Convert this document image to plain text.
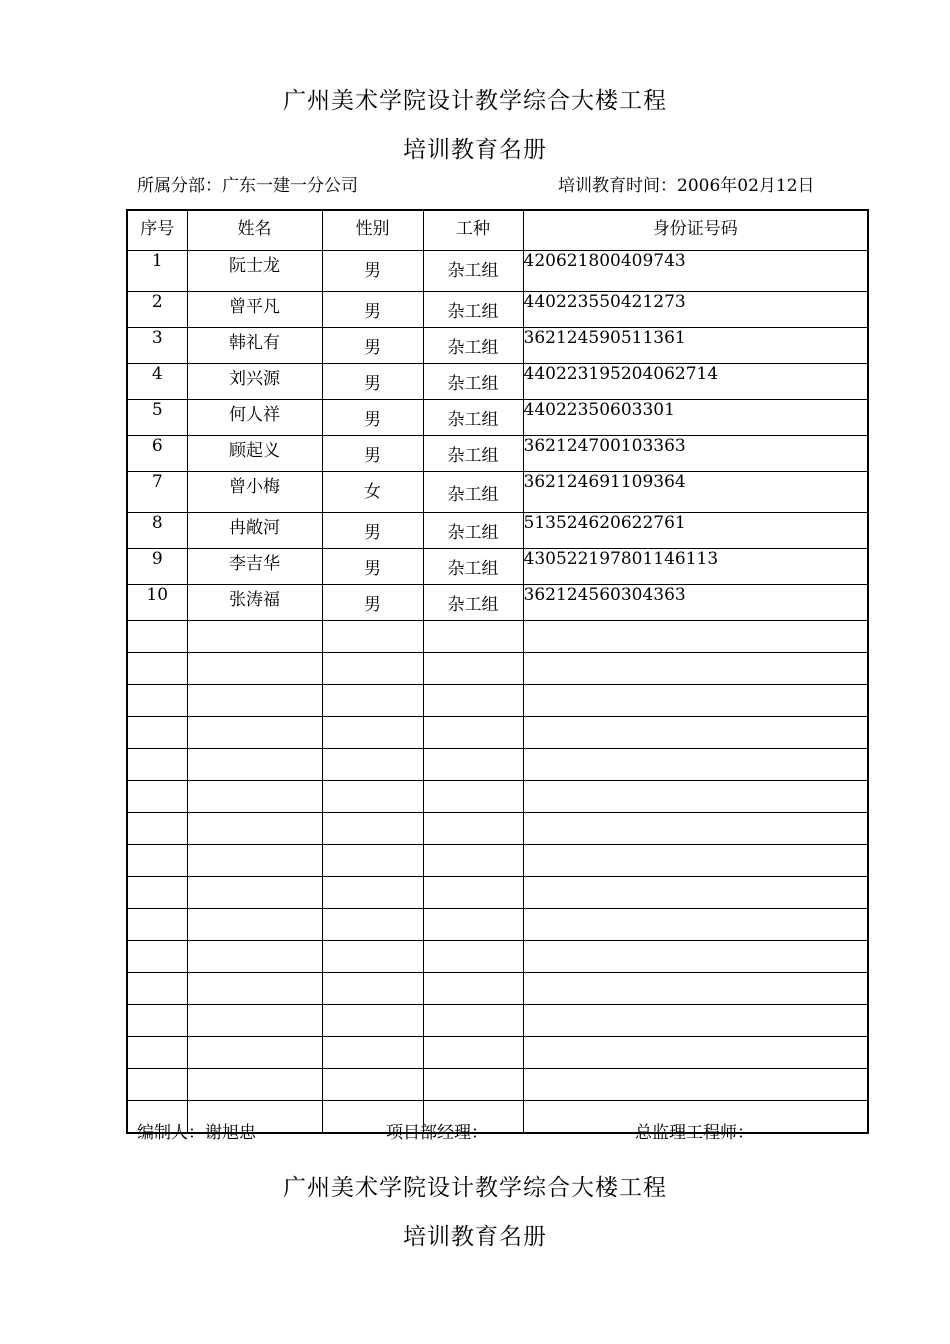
广州美术学院设计教学综合大楼工程
培训教育名册
所属分部：广东一建一分公司	培训教育时间：2006年02月12日
序号	姓名	性别	工种	身份证号码
1	阮士龙	男	杂工组	420621800409743
2	曾平凡	男	杂工组	440223550421273
3	韩礼有	男	杂工组	362124590511361
4	刘兴源	男	杂工组	440223195204062714
5	何人祥	男	杂工组	44022350603301
6	顾起义	男	杂工组	362124700103363
7	曾小梅	女	杂工组	362124691109364
8	冉敞河	男	杂工组	513524620622761
9	李吉华	男	杂工组	430522197801146113
10	张涛福	男	杂工组	362124560304363

编制人：谢旭忠	项目部经理：	总监理工程师：
广州美术学院设计教学综合大楼工程
培训教育名册
